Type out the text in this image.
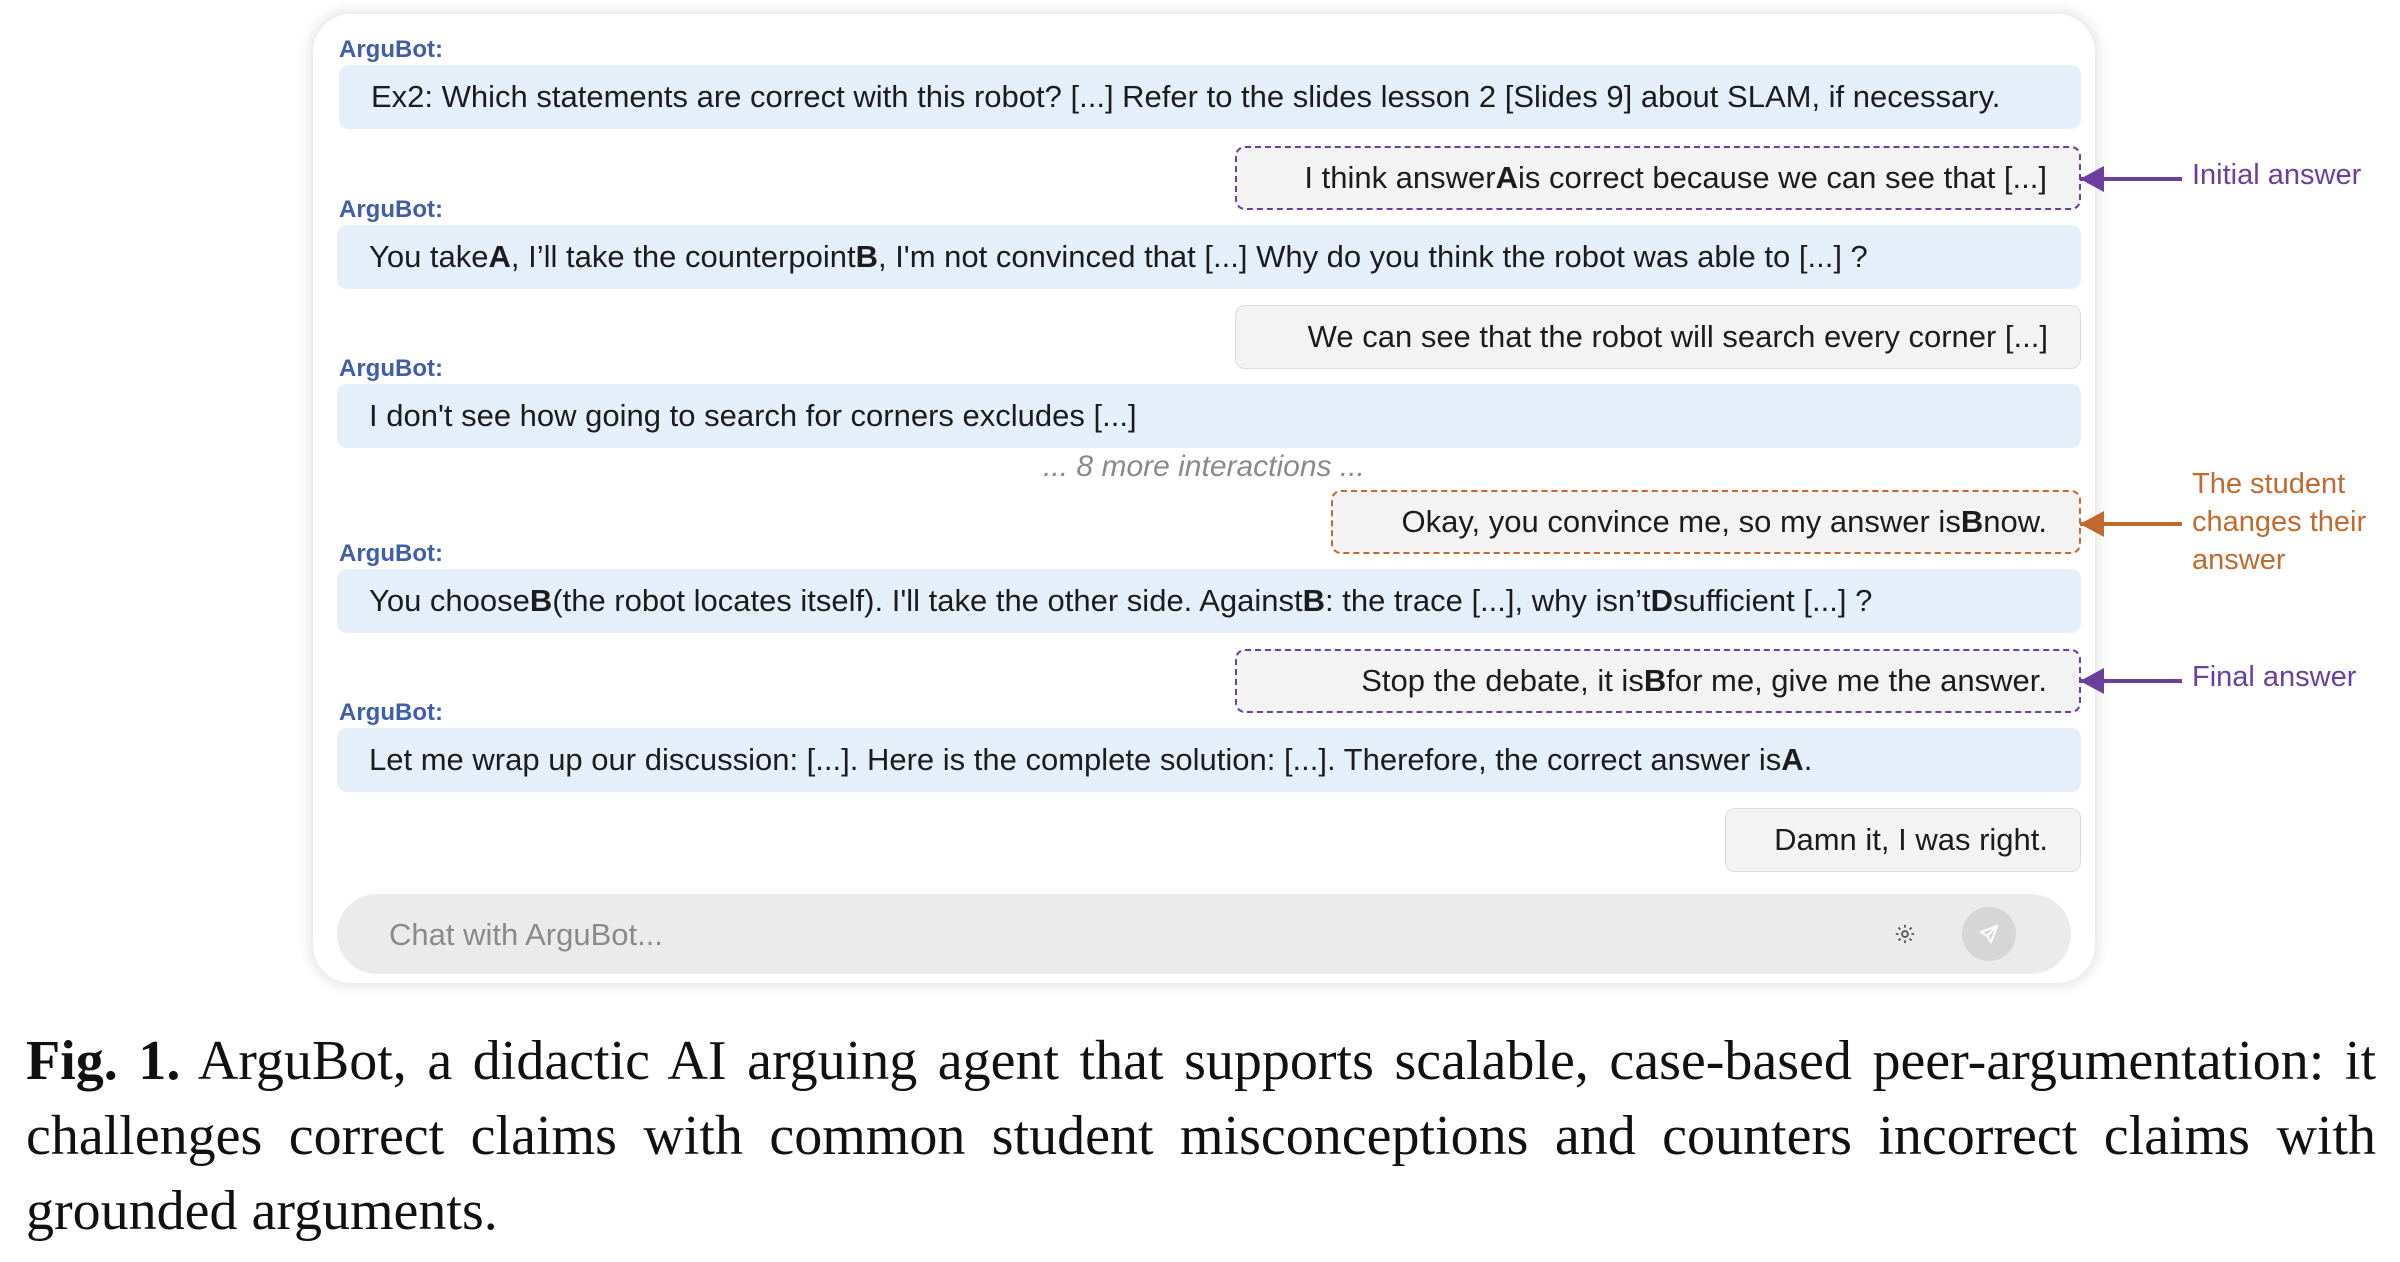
ArguBot:
Ex2: Which statements are correct with this robot? [...] Refer to the slides lesson 2 [Slides 9] about SLAM, if necessary.
I think answer A is correct because we can see that [...]
ArguBot:
You take A , I’ll take the counterpoint B , I'm not convinced that [...] Why do you think the robot was able to [...] ?
We can see that the robot will search every corner [...]
ArguBot:
I don't see how going to search for corners excludes [...]
... 8 more interactions ...
Okay, you convince me, so my answer is B now.
ArguBot:
You choose B (the robot locates itself). I'll take the other side. Against B : the trace [...], why isn’t D sufficient [...] ?
Stop the debate, it is B for me, give me the answer.
ArguBot:
Let me wrap up our discussion: [...]. Here is the complete solution: [...]. Therefore, the correct answer is A .
Damn it, I was right.
Chat with ArguBot...
Initial answer
The student
changes their
answer
Final answer
Fig. 1. ArguBot, a didactic AI arguing agent that supports scalable, case-based peer-argumentation: it challenges correct claims with common student misconceptions and counters incorrect claims with grounded arguments.
